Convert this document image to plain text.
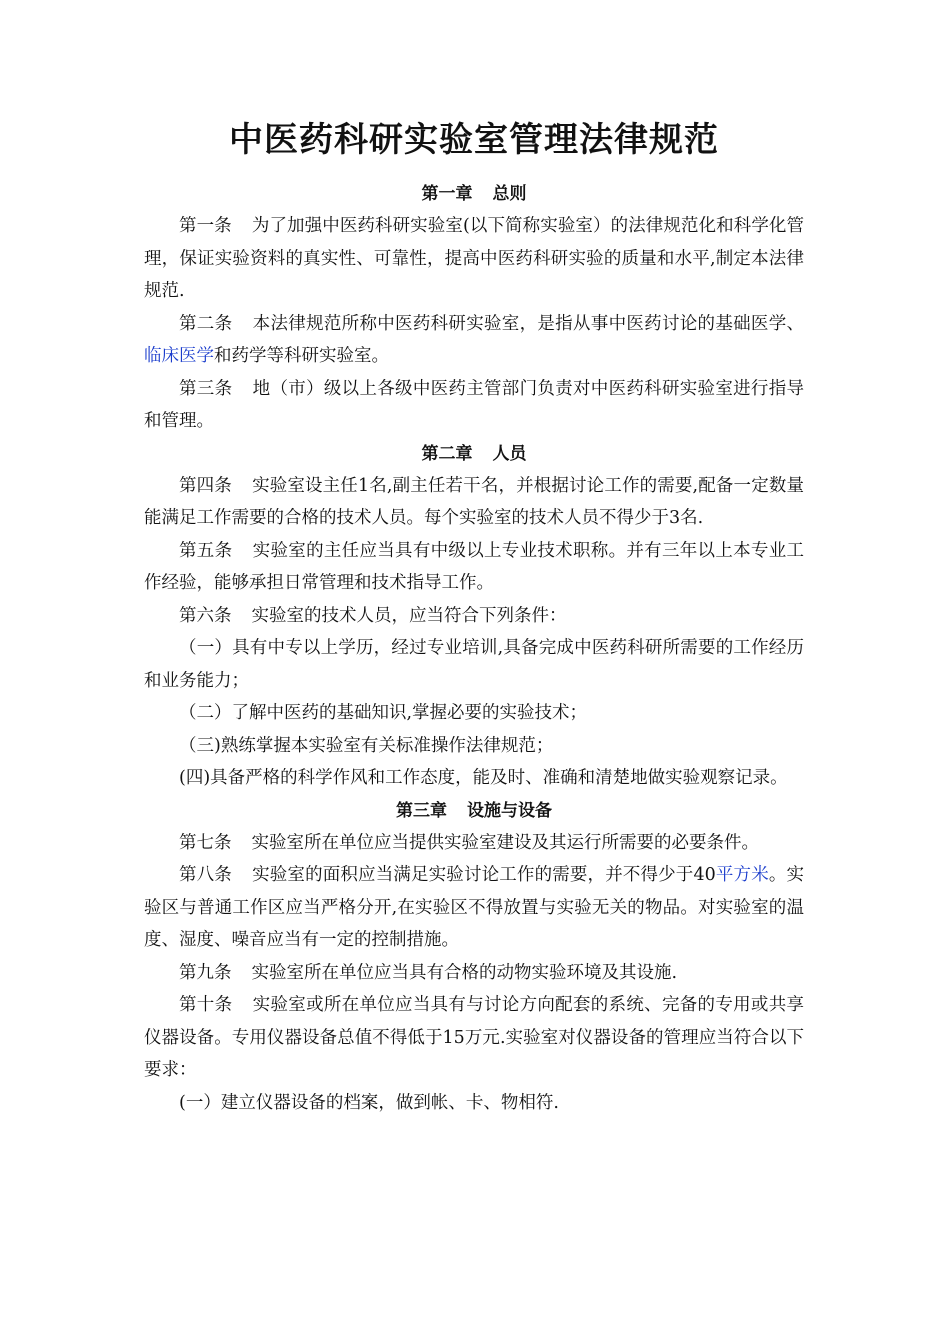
中医药科研实验室管理法律规范
第一章 总则

第一条 为了加强中医药科研实验室(以下简称实验室）的法律规范化和科学化管理，保证实验资料的真实性、可靠性，提高中医药科研实验的质量和水平,制定本法律规范.

第二条 本法律规范所称中医药科研实验室，是指从事中医药讨论的基础医学、临床医学和药学等科研实验室。

第三条 地（市）级以上各级中医药主管部门负责对中医药科研实验室进行指导和管理。

第二章 人员

第四条 实验室设主任1名,副主任若干名，并根据讨论工作的需要,配备一定数量能满足工作需要的合格的技术人员。每个实验室的技术人员不得少于3名.

第五条 实验室的主任应当具有中级以上专业技术职称。并有三年以上本专业工作经验，能够承担日常管理和技术指导工作。

第六条 实验室的技术人员，应当符合下列条件：

（一）具有中专以上学历，经过专业培训,具备完成中医药科研所需要的工作经历和业务能力；

（二）了解中医药的基础知识,掌握必要的实验技术；

（三)熟练掌握本实验室有关标准操作法律规范；

(四)具备严格的科学作风和工作态度，能及时、准确和清楚地做实验观察记录。

第三章 设施与设备

第七条 实验室所在单位应当提供实验室建设及其运行所需要的必要条件。

第八条 实验室的面积应当满足实验讨论工作的需要，并不得少于40平方米。实验区与普通工作区应当严格分开,在实验区不得放置与实验无关的物品。对实验室的温度、湿度、噪音应当有一定的控制措施。

第九条 实验室所在单位应当具有合格的动物实验环境及其设施.

第十条 实验室或所在单位应当具有与讨论方向配套的系统、完备的专用或共享仪器设备。专用仪器设备总值不得低于15万元.实验室对仪器设备的管理应当符合以下要求：

(一）建立仪器设备的档案，做到帐、卡、物相符.
